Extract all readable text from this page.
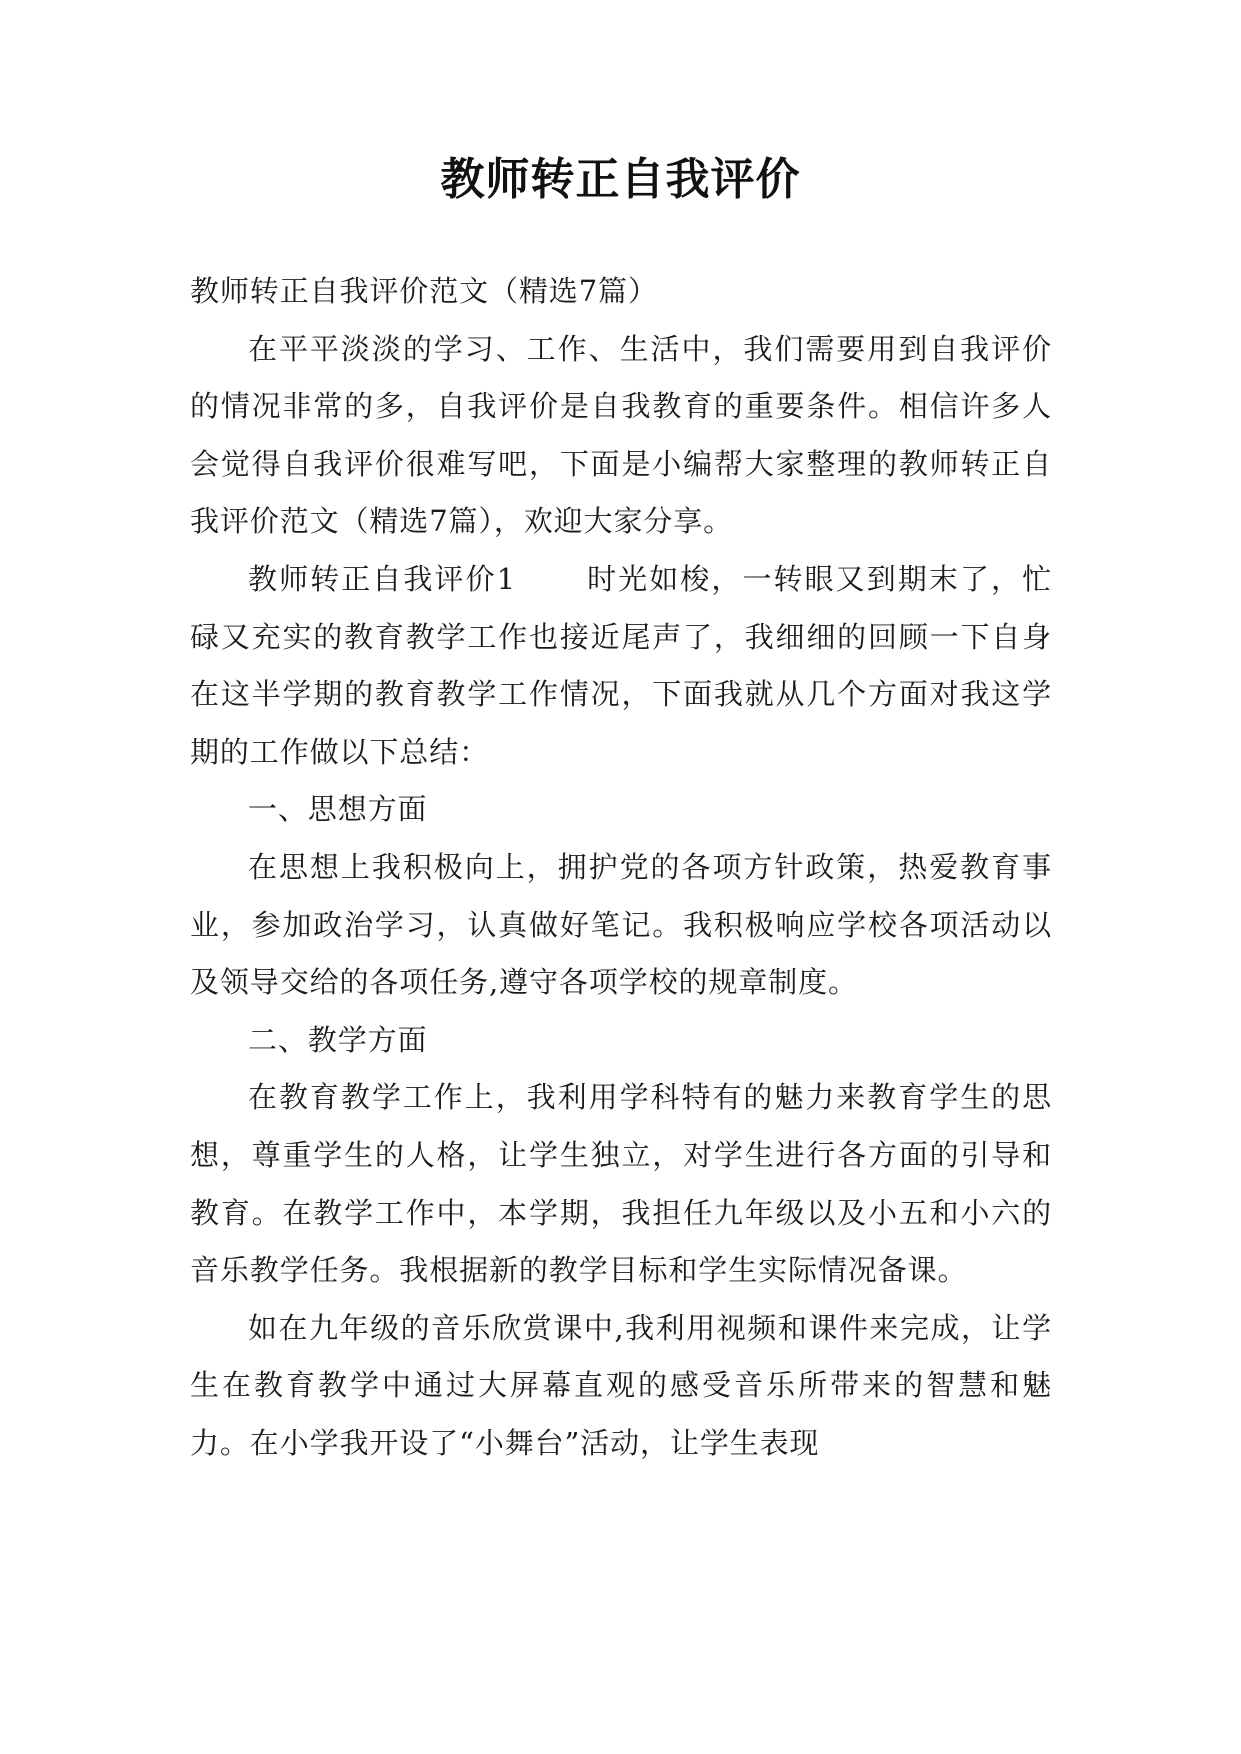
教师转正自我评价

教师转正自我评价范文（精选7篇）

在平平淡淡的学习、工作、生活中，我们需要用到自我评价的情况非常的多，自我评价是自我教育的重要条件。相信许多人会觉得自我评价很难写吧，下面是小编帮大家整理的教师转正自我评价范文（精选7篇），欢迎大家分享。

教师转正自我评价1 时光如梭，一转眼又到期末了，忙碌又充实的教育教学工作也接近尾声了，我细细的回顾一下自身在这半学期的教育教学工作情况，下面我就从几个方面对我这学期的工作做以下总结：

一、思想方面

在思想上我积极向上，拥护党的各项方针政策，热爱教育事业，参加政治学习，认真做好笔记。我积极响应学校各项活动以及领导交给的各项任务,遵守各项学校的规章制度。

二、教学方面

在教育教学工作上，我利用学科特有的魅力来教育学生的思想，尊重学生的人格，让学生独立，对学生进行各方面的引导和教育。在教学工作中，本学期，我担任九年级以及小五和小六的音乐教学任务。我根据新的教学目标和学生实际情况备课。

如在九年级的音乐欣赏课中,我利用视频和课件来完成，让学生在教育教学中通过大屏幕直观的感受音乐所带来的智慧和魅力。在小学我开设了“小舞台”活动，让学生表现
